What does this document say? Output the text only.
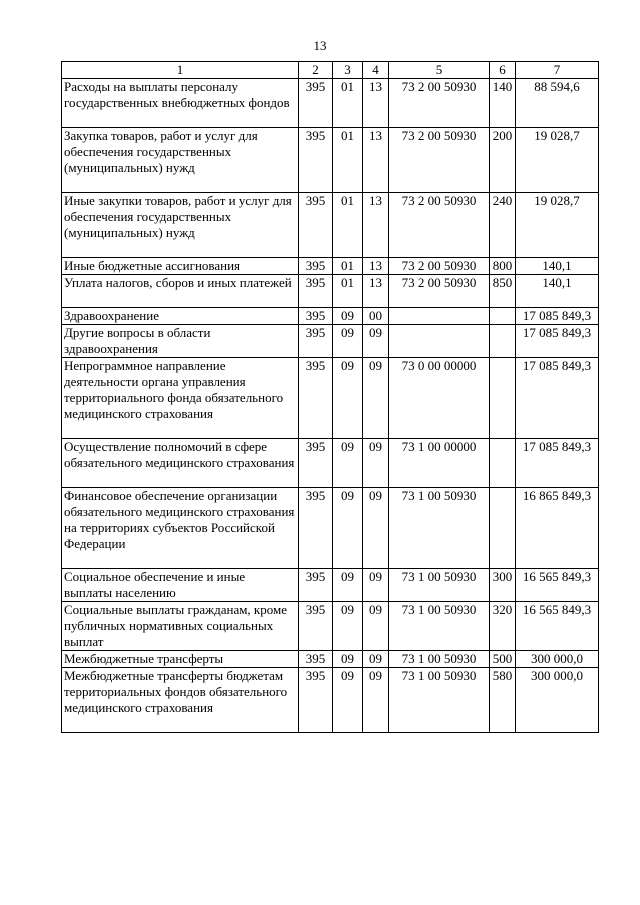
13
1	2	3	4	5	6	7
Расходы на выплаты персоналу государственных внебюджетных фондов	395	01	13	73 2 00 50930	140	88 594,6
Закупка товаров, работ и услуг для обеспечения государственных (муниципальных) нужд	395	01	13	73 2 00 50930	200	19 028,7
Иные закупки товаров, работ и услуг для обеспечения государственных (муниципальных) нужд	395	01	13	73 2 00 50930	240	19 028,7
Иные бюджетные ассигнования	395	01	13	73 2 00 50930	800	140,1
Уплата налогов, сборов и иных платежей	395	01	13	73 2 00 50930	850	140,1
Здравоохранение	395	09	00			17 085 849,3
Другие вопросы в области здравоохранения	395	09	09			17 085 849,3
Непрограммное направление деятельности органа управления территориального фонда обязательного медицинского страхования	395	09	09	73 0 00 00000		17 085 849,3
Осуществление полномочий в сфере обязательного медицинского страхования	395	09	09	73 1 00 00000		17 085 849,3
Финансовое обеспечение организации обязательного медицинского страхования на территориях субъектов Российской Федерации	395	09	09	73 1 00 50930		16 865 849,3
Социальное обеспечение и иные выплаты населению	395	09	09	73 1 00 50930	300	16 565 849,3
Социальные выплаты гражданам, кроме публичных нормативных социальных выплат	395	09	09	73 1 00 50930	320	16 565 849,3
Межбюджетные трансферты	395	09	09	73 1 00 50930	500	300 000,0
Межбюджетные трансферты бюджетам территориальных фондов обязательного медицинского страхования	395	09	09	73 1 00 50930	580	300 000,0
